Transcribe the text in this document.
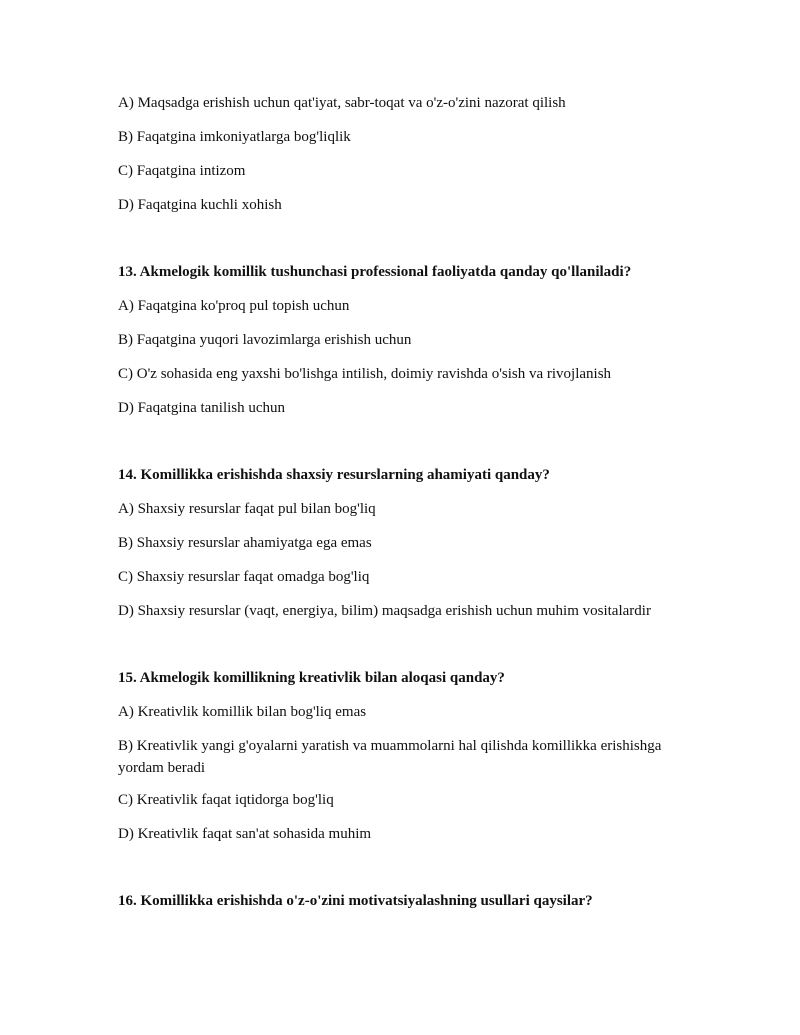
A) Maqsadga erishish uchun qat'iyat, sabr-toqat va o'z-o'zini nazorat qilish
B) Faqatgina imkoniyatlarga bog'liqlik
C) Faqatgina intizom
D) Faqatgina kuchli xohish
13. Akmelogik komillik tushunchasi professional faoliyatda qanday qo'llaniladi?
A) Faqatgina ko'proq pul topish uchun
B) Faqatgina yuqori lavozimlarga erishish uchun
C) O'z sohasida eng yaxshi bo'lishga intilish, doimiy ravishda o'sish va rivojlanish
D) Faqatgina tanilish uchun
14. Komillikka erishishda shaxsiy resurslarning ahamiyati qanday?
A) Shaxsiy resurslar faqat pul bilan bog'liq
B) Shaxsiy resurslar ahamiyatga ega emas
C) Shaxsiy resurslar faqat omadga bog'liq
D) Shaxsiy resurslar (vaqt, energiya, bilim) maqsadga erishish uchun muhim vositalardir
15. Akmelogik komillikning kreativlik bilan aloqasi qanday?
A) Kreativlik komillik bilan bog'liq emas
B) Kreativlik yangi g'oyalarni yaratish va muammolarni hal qilishda komillikka erishishga yordam beradi
C) Kreativlik faqat iqtidorga bog'liq
D) Kreativlik faqat san'at sohasida muhim
16. Komillikka erishishda o'z-o'zini motivatsiyalashning usullari qaysilar?
